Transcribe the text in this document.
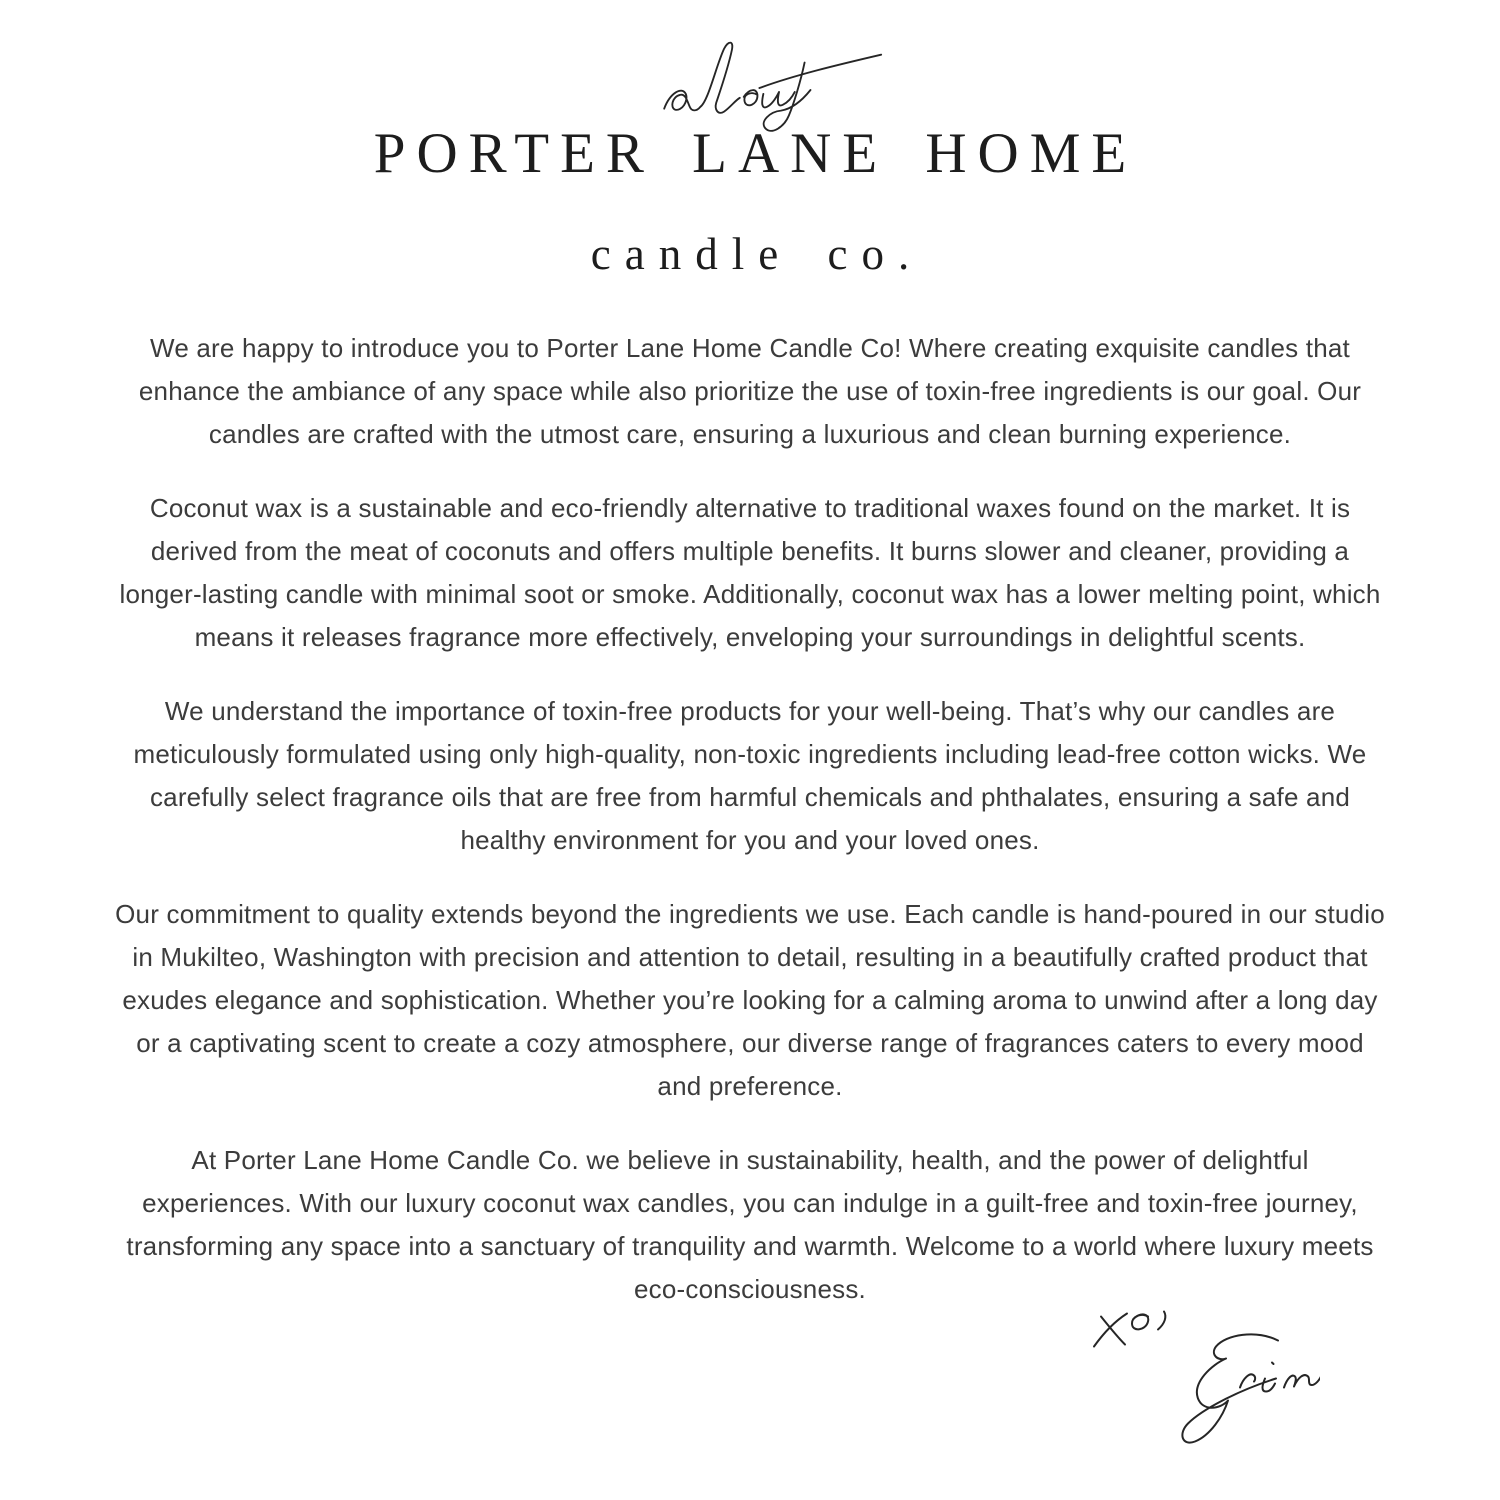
PORTER LANE HOME
candle co.

We are happy to introduce you to Porter Lane Home Candle Co! Where creating exquisite candles that enhance the ambiance of any space while also prioritize the use of toxin-free ingredients is our goal. Our candles are crafted with the utmost care, ensuring a luxurious and clean burning experience.

Coconut wax is a sustainable and eco-friendly alternative to traditional waxes found on the market. It is derived from the meat of coconuts and offers multiple benefits. It burns slower and cleaner, providing a longer-lasting candle with minimal soot or smoke. Additionally, coconut wax has a lower melting point, which means it releases fragrance more effectively, enveloping your surroundings in delightful scents.

We understand the importance of toxin-free products for your well-being. That’s why our candles are meticulously formulated using only high-quality, non-toxic ingredients including lead-free cotton wicks. We carefully select fragrance oils that are free from harmful chemicals and phthalates, ensuring a safe and healthy environment for you and your loved ones.

Our commitment to quality extends beyond the ingredients we use. Each candle is hand-poured in our studio in Mukilteo, Washington with precision and attention to detail, resulting in a beautifully crafted product that exudes elegance and sophistication. Whether you’re looking for a calming aroma to unwind after a long day or a captivating scent to create a cozy atmosphere, our diverse range of fragrances caters to every mood and preference.

At Porter Lane Home Candle Co. we believe in sustainability, health, and the power of delightful experiences. With our luxury coconut wax candles, you can indulge in a guilt-free and toxin-free journey, transforming any space into a sanctuary of tranquility and warmth. Welcome to a world where luxury meets eco-consciousness.
